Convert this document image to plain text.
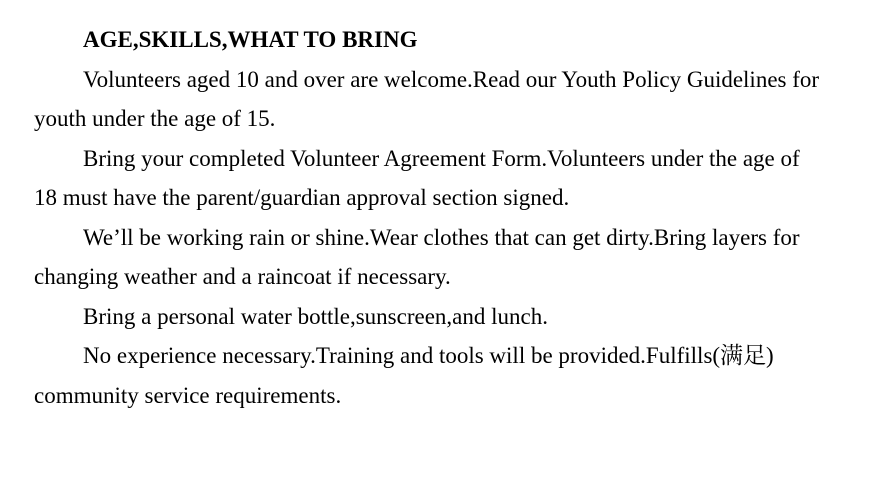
AGE,SKILLS,WHAT TO BRING

Volunteers aged 10 and over are welcome.Read our Youth Policy Guidelines for youth under the age of 15.

Bring your completed Volunteer Agreement Form.Volunteers under the age of 18 must have the parent/guardian approval section signed.

We’ll be working rain or shine.Wear clothes that can get dirty.Bring layers for changing weather and a raincoat if necessary.

Bring a personal water bottle,sunscreen,and lunch.

No experience necessary.Training and tools will be provided.Fulfills(满足) community service requirements.
